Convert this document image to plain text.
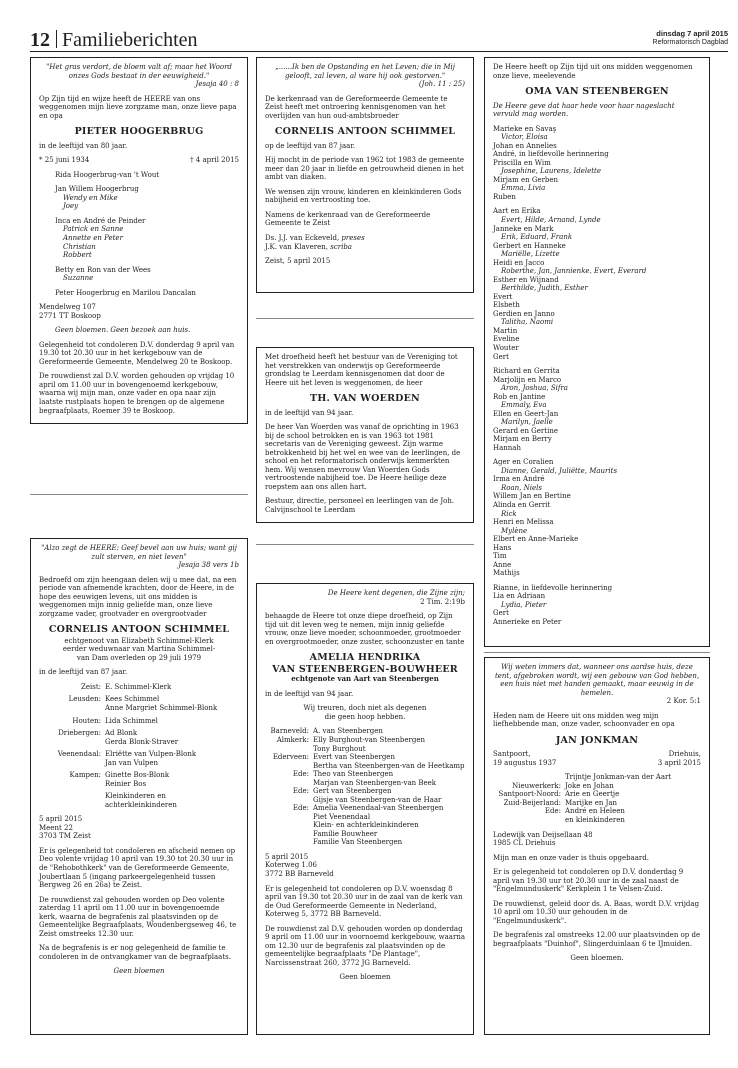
12 Familieberichten	dinsdag 7 april 2015
Reformatorisch Dagblad
"Het gras verdort, de bloem valt af; maar het Woord onzes Gods bestaat in der eeuwigheid."
Jesaja 40 : 8

Op Zijn tijd en wijze heeft de HEERE van ons weggenomen mijn lieve zorgzame man, onze lieve papa en opa

PIETER HOOGERBRUG

in de leeftijd van 80 jaar.

* 25 juni 1934	† 4 april 2015
Rida Hoogerbrug-van 't Wout
Jan Willem Hoogerbrug
Wendy en Mike
Joey
Inca en André de Peinder
Patrick en Sanne
Annette en Peter
Christian
Robbert
Betty en Ron van der Wees
Suzanne
Peter Hoogerbrug en Marilou Dancalan
Mendelweg 107
2771 TT Boskoop

Geen bloemen. Geen bezoek aan huis.

Gelegenheid tot condoleren D.V. donderdag 9 april van 19.30 tot 20.30 uur in het kerkgebouw van de Gereformeerde Gemeente, Mendelweg 20 te Boskoop.

De rouwdienst zal D.V. worden gehouden op vrijdag 10 april om 11.00 uur in bovengenoemd kerkgebouw, waarna wij mijn man, onze vader en opa naar zijn laatste rustplaats hopen te brengen op de algemene begraafplaats, Roemer 39 te Boskoop.

„......Ik ben de Opstanding en het Leven; die in Mij gelooft, zal leven, al ware hij ook gestorven."
(Joh. 11 : 25)

De kerkenraad van de Gereformeerde Gemeente te Zeist heeft met ontroering kennisgenomen van het overlijden van hun oud-ambtsbroeder

CORNELIS ANTOON SCHIMMEL

op de leeftijd van 87 jaar.

Hij mocht in de periode van 1962 tot 1983 de gemeente meer dan 20 jaar in liefde en getrouwheid dienen in het ambt van diaken.

We wensen zijn vrouw, kinderen en kleinkinderen Gods nabijheid en vertroosting toe.

Namens de kerkenraad van de Gereformeerde Gemeente te Zeist

Ds. J.J. van Eckeveld, preses
J.K. van Klaveren, scriba
Zeist, 5 april 2015

Met droefheid heeft het bestuur van de Vereniging tot het verstrekken van onderwijs op Gereformeerde grondslag te Leerdam kennisgenomen dat door de Heere uit het leven is weggenomen, de heer

TH. VAN WOERDEN

in de leeftijd van 94 jaar.

De heer Van Woerden was vanaf de oprichting in 1963 bij de school betrokken en is van 1963 tot 1981 secretaris van de Vereniging geweest. Zijn warme betrokkenheid bij het wel en wee van de leerlingen, de school en het reformatorisch onderwijs kenmerkten hem. Wij wensen mevrouw Van Woerden Gods vertroostende nabijheid toe. De Heere heilige deze roepstem aan ons allen hart.

Bestuur, directie, personeel en leerlingen van de Joh. Calvijnschool te Leerdam

De Heere heeft op Zijn tijd uit ons midden weggenomen onze lieve, meelevende

OMA VAN STEENBERGEN

De Heere geve dat haar hede voor haar nageslacht vervuld mag worden.

Marieke en Savaş
Victor, Eloisa
Johan en Annelies
André, in liefdevolle herinnering
Priscilla en Wim
Josephine, Laurens, Idelette
Mirjam en Gerben
Emma, Livia
Ruben
Aart en Erika
Evert, Hilde, Arnand, Lynde
Janneke en Mark
Erik, Eduard, Frank
Gerbert en Hanneke
Mariëlle, Lizette
Heidi en Jacco
Roberthe, Jan, Jannienke, Evert, Everard
Esther en Wijnand
Berthilde, Judith, Esther
Evert
Elsbeth
Gerdien en Janno
Talitha, Naomi
Martin
Eveline
Wouter
Gert
Richard en Gerrita
Marjolijn en Marco
Aron, Joshua, Sifra
Rob en Jantine
Emmaly, Eva
Ellen en Geert-Jan
Marilyn, Jaelle
Gerard en Gertine
Mirjam en Berry
Hannah
Ager en Coralien
Dianne, Gerald, Juliëtte, Maurits
Irma en André
Roan, Niels
Willem Jan en Bertine
Alinda en Gerrit
Rick
Henri en Melissa
Mylène
Elbert en Anne-Marieke
Hans
Tim
Anne
Mathijs
Rianne, in liefdevolle herinnering
Lia en Adriaan
Lydia, Pieter
Gert
Annerieke en Peter
"Alzo zegt de HEERE: Geef bevel aan uw huis; want gij zult sterven, en niet leven"
Jesaja 38 vers 1b

Bedroefd om zijn heengaan delen wij u mee dat, na een periode van afnemende krachten, door de Heere, in de hope des eeuwigen levens, uit ons midden is weggenomen mijn innig geliefde man, onze lieve zorgzame vader, grootvader en overgrootvader

CORNELIS ANTOON SCHIMMEL
echtgenoot van Elizabeth Schimmel-Klerk
eerder weduwnaar van Martina Schimmel-
van Dam overleden op 29 juli 1979

in de leeftijd van 87 jaar.

Zeist: E. Schimmel-Klerk
Leusden: Kees Schimmel
Anne Margriet Schimmel-Blonk
Houten: Lida Schimmel
Driebergen: Ad Blonk
Gerda Blonk-Straver
Veenendaal: Elriëtte van Vulpen-Blonk
Jan van Vulpen
Kampen: Ginette Bos-Blonk
Reinier Bos
Kleinkinderen en
achterkleinkinderen
5 april 2015
Meent 22
3703 TM Zeist

Er is gelegenheid tot condoleren en afscheid nemen op Deo volente vrijdag 10 april van 19.30 tot 20.30 uur in de "Rehobothkerk" van de Gereformeerde Gemeente, Joubertlaan 5 (ingang parkeergelegenheid tussen Bergweg 26 en 26a) te Zeist.

De rouwdienst zal gehouden worden op Deo volente zaterdag 11 april om 11.00 uur in bovengenoemde kerk, waarna de begrafenis zal plaatsvinden op de Gemeentelijke Begraafplaats, Woudenbergseweg 46, te Zeist omstreeks 12.30 uur.

Na de begrafenis is er nog gelegenheid de familie te condoleren in de ontvangkamer van de begraafplaats.

Geen bloemen
De Heere kent degenen, die Zijne zijn;
2 Tim. 2:19b

behaagde de Heere tot onze diepe droefheid, op Zijn tijd uit dit leven weg te nemen, mijn innig geliefde vrouw, onze lieve moeder, schoonmoeder, grootmoeder en overgrootmoeder, onze zuster, schoonzuster en tante

AMELIA HENDRIKA
VAN STEENBERGEN-BOUWHEER
echtgenote van Aart van Steenbergen

in de leeftijd van 94 jaar.

Wij treuren, doch niet als degenen
die geen hoop hebben.
Barneveld: A. van Steenbergen
Almkerk: Elly Burghout-van Steenbergen
Tony Burghout
Ederveen: Evert van Steenbergen
Bertha van Steenbergen-van de Heetkamp
Ede: Theo van Steenbergen
Marjan van Steenbergen-van Beek
Ede: Gert van Steenbergen
Gijsje van Steenbergen-van de Haar
Ede: Amelia Veenendaal-van Steenbergen
Piet Veenendaal
Klein- en achterkleinkinderen
Familie Bouwheer
Familie Van Steenbergen
5 april 2015
Koterweg 1.06
3772 BB Barneveld

Er is gelegenheid tot condoleren op D.V. woensdag 8 april van 19.30 tot 20.30 uur in de zaal van de kerk van de Oud Gereformeerde Gemeente in Nederland, Koterweg 5, 3772 BB Barneveld.

De rouwdienst zal D.V. gehouden worden op donderdag 9 april om 11.00 uur in voornoemd kerkgebouw, waarna om 12.30 uur de begrafenis zal plaatsvinden op de gemeentelijke begraafplaats "De Plantage", Narcissenstraat 260, 3772 JG Barneveld.

Geen bloemen
Wij weten immers dat, wanneer ons aardse huis, deze tent, afgebroken wordt, wij een gebouw van God hebben, een huis niet met handen gemaakt, maar eeuwig in de hemelen.
2 Kor. 5:1

Heden nam de Heere uit ons midden weg mijn liefhebbende man, onze vader, schoonvader en opa

JAN JONKMAN
Santpoort,	Driehuis,
19 augustus 1937	3 april 2015
Trijntje Jonkman-van der Aart
Nieuwerkerk: Joke en Johan
Santpoort-Noord: Arie en Geertje
Zuid-Beijerland: Marijke en Jan
Ede: André en Heleen
en kleinkinderen
Lodewijk van Deijsellaan 48
1985 CL Driehuis

Mijn man en onze vader is thuis opgebaard.

Er is gelegenheid tot condoleren op D.V. donderdag 9 april van 19.30 uur tot 20.30 uur in de zaal naast de "Engelmunduskerk" Kerkplein 1 te Velsen-Zuid.

De rouwdienst, geleid door ds. A. Baas, wordt D.V. vrijdag 10 april om 10.30 uur gehouden in de "Engelmunduskerk".

De begrafenis zal omstreeks 12.00 uur plaatsvinden op de begraafplaats "Duinhof", Slingerduinlaan 6 te IJmuiden.

Geen bloemen.
